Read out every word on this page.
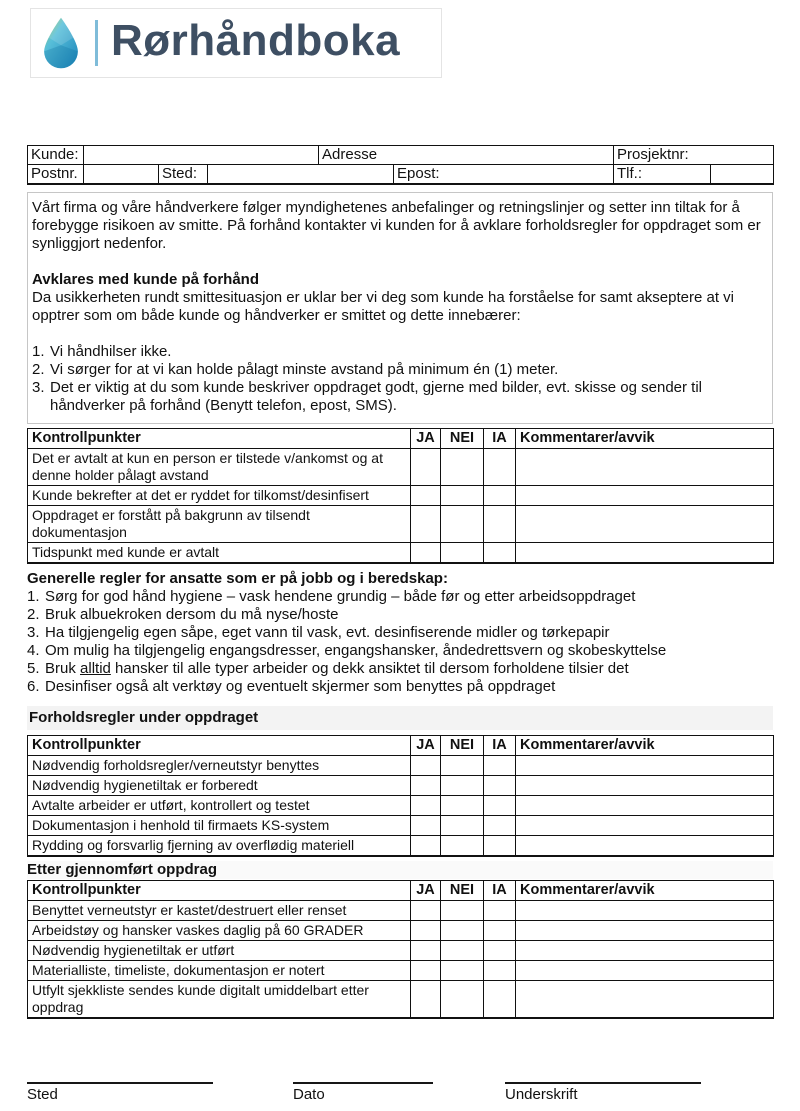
Rørhåndboka
Kunde:				Adresse		Prosjektnr:	
Postnr.		Sted:			Epost:	Tlf.:	

Vårt firma og våre håndverkere følger myndighetenes anbefalinger og retningslinjer og setter inn tiltak for å forebygge risikoen av smitte. På forhånd kontakter vi kunden for å avklare forholdsregler for oppdraget som er synliggjort nedenfor.

Avklares med kunde på forhånd

Da usikkerheten rundt smittesituasjon er uklar ber vi deg som kunde ha forståelse for samt akseptere at vi opptrer som om både kunde og håndverker er smittet og dette innebærer:

1. Vi håndhilser ikke.
2. Vi sørger for at vi kan holde pålagt minste avstand på minimum én (1) meter.
3. Det er viktig at du som kunde beskriver oppdraget godt, gjerne med bilder, evt. skisse og sender til håndverker på forhånd (Benytt telefon, epost, SMS).
Kontrollpunkter	JA	NEI	IA	Kommentarer/avvik
Det er avtalt at kun en person er tilstede v/ankomst og at denne holder pålagt avstand				
Kunde bekrefter at det er ryddet for tilkomst/desinfisert				
Oppdraget er forstått på bakgrunn av tilsendt dokumentasjon				
Tidspunkt med kunde er avtalt				
Generelle regler for ansatte som er på jobb og i beredskap:
1. Sørg for god hånd hygiene – vask hendene grundig – både før og etter arbeidsoppdraget
2. Bruk albuekroken dersom du må nyse/hoste
3. Ha tilgjengelig egen såpe, eget vann til vask, evt. desinfiserende midler og tørkepapir
4. Om mulig ha tilgjengelig engangsdresser, engangshansker, åndedrettsvern og skobeskyttelse
5. Bruk alltid hansker til alle typer arbeider og dekk ansiktet til dersom forholdene tilsier det
6. Desinfiser også alt verktøy og eventuelt skjermer som benyttes på oppdraget
Forholdsregler under oppdraget
Kontrollpunkter	JA	NEI	IA	Kommentarer/avvik
Nødvendig forholdsregler/verneutstyr benyttes				
Nødvendig hygienetiltak er forberedt				
Avtalte arbeider er utført, kontrollert og testet				
Dokumentasjon i henhold til firmaets KS-system				
Rydding og forsvarlig fjerning av overflødig materiell				
Etter gjennomført oppdrag
Kontrollpunkter	JA	NEI	IA	Kommentarer/avvik
Benyttet verneutstyr er kastet/destruert eller renset				
Arbeidstøy og hansker vaskes daglig på 60 GRADER				
Nødvendig hygienetiltak er utført				
Materialliste, timeliste, dokumentasjon er notert				
Utfylt sjekkliste sendes kunde digitalt umiddelbart etter oppdrag				
Sted	Dato	Underskrift
